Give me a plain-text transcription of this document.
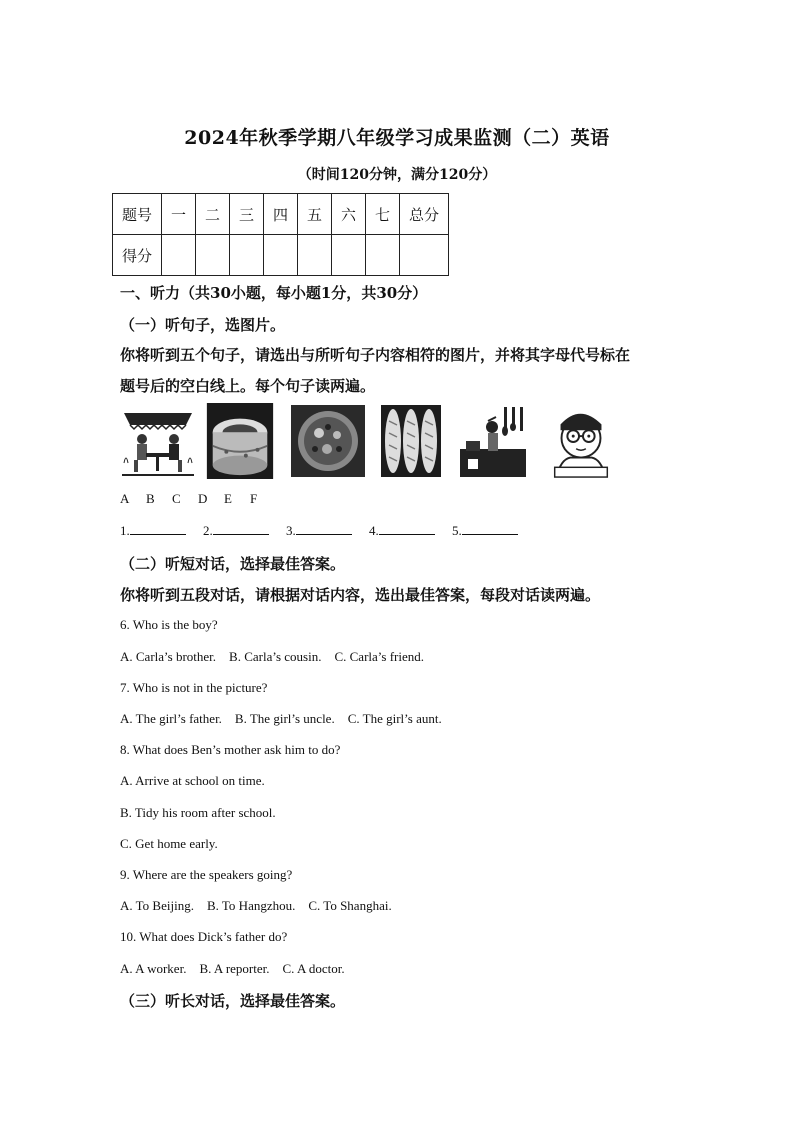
2024年秋季学期八年级学习成果监测（二）英语
（时间120分钟，满分120分）
题号	一	二	三	四	五	六	七	总分
得分								
一、听力（共30小题，每小题1分，共30分）
（一）听句子，选图片。
你将听到五个句子，请选出与所听句子内容相符的图片，并将其字母代号标在
题号后的空白线上。每个句子读两遍。
A B C D E F
1.	2.	3.	4.	5.
（二）听短对话，选择最佳答案。
你将听到五段对话，请根据对话内容，选出最佳答案，每段对话读两遍。
6. Who is the boy?
A. Carla’s brother.    B. Carla’s cousin.    C. Carla’s friend.
7. Who is not in the picture?
A. The girl’s father.    B. The girl’s uncle.    C. The girl’s aunt.
8. What does Ben’s mother ask him to do?
A. Arrive at school on time.
B. Tidy his room after school.
C. Get home early.
9. Where are the speakers going?
A. To Beijing.    B. To Hangzhou.    C. To Shanghai.
10. What does Dick’s father do?
A. A worker.    B. A reporter.    C. A doctor.
（三）听长对话，选择最佳答案。
